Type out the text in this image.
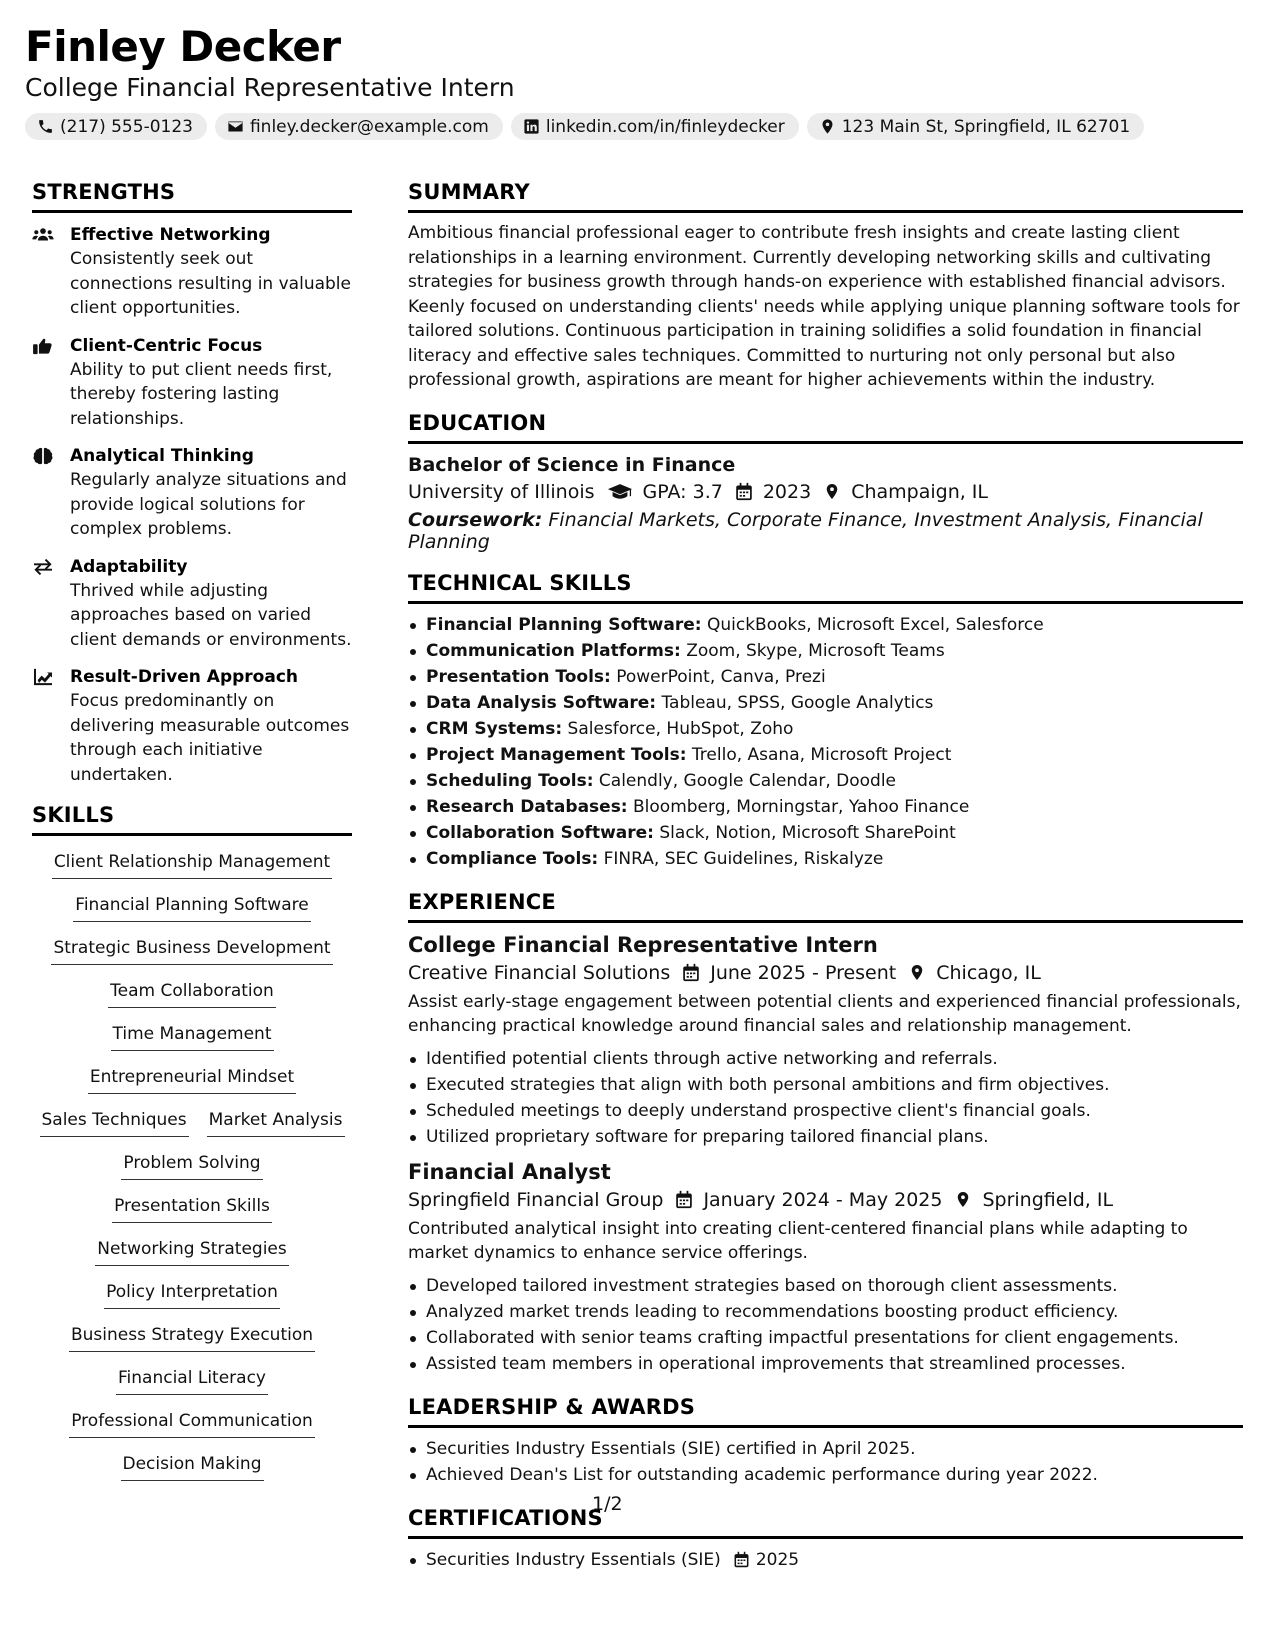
Finley Decker
College Financial Representative Intern
(217) 555-0123	finley.decker@example.com	linkedin.com/in/finleydecker	123 Main St, Springfield, IL 62701
STRENGTHS
Effective Networking
Consistently seek out connections resulting in valuable client opportunities.
Client-Centric Focus
Ability to put client needs first, thereby fostering lasting relationships.
Analytical Thinking
Regularly analyze situations and provide logical solutions for complex problems.
Adaptability
Thrived while adjusting approaches based on varied client demands or environments.
Result-Driven Approach
Focus predominantly on delivering measurable outcomes through each initiative undertaken.
SKILLS
Client Relationship Management
Financial Planning Software
Strategic Business Development
Team Collaboration
Time Management
Entrepreneurial Mindset
Sales Techniques Market Analysis
Problem Solving
Presentation Skills
Networking Strategies
Policy Interpretation
Business Strategy Execution
Financial Literacy
Professional Communication
Decision Making
SUMMARY
Ambitious financial professional eager to contribute fresh insights and create lasting client relationships in a learning environment. Currently developing networking skills and cultivating strategies for business growth through hands-on experience with established financial advisors. Keenly focused on understanding clients' needs while applying unique planning software tools for tailored solutions. Continuous participation in training solidifies a solid foundation in financial literacy and effective sales techniques. Committed to nurturing not only personal but also professional growth, aspirations are meant for higher achievements within the industry.
EDUCATION
Bachelor of Science in Finance
University of Illinois	GPA: 3.7 2023 Champaign, IL
Coursework: Financial Markets, Corporate Finance, Investment Analysis, Financial Planning
TECHNICAL SKILLS
Financial Planning Software: QuickBooks, Microsoft Excel, Salesforce
Communication Platforms: Zoom, Skype, Microsoft Teams
Presentation Tools: PowerPoint, Canva, Prezi
Data Analysis Software: Tableau, SPSS, Google Analytics
CRM Systems: Salesforce, HubSpot, Zoho
Project Management Tools: Trello, Asana, Microsoft Project
Scheduling Tools: Calendly, Google Calendar, Doodle
Research Databases: Bloomberg, Morningstar, Yahoo Finance
Collaboration Software: Slack, Notion, Microsoft SharePoint
Compliance Tools: FINRA, SEC Guidelines, Riskalyze
EXPERIENCE
College Financial Representative Intern
Creative Financial Solutions June 2025 - Present Chicago, IL
Assist early-stage engagement between potential clients and experienced financial professionals, enhancing practical knowledge around financial sales and relationship management.
Identified potential clients through active networking and referrals.
Executed strategies that align with both personal ambitions and firm objectives.
Scheduled meetings to deeply understand prospective client's financial goals.
Utilized proprietary software for preparing tailored financial plans.
Financial Analyst
Springfield Financial Group January 2024 - May 2025 Springfield, IL
Contributed analytical insight into creating client-centered financial plans while adapting to market dynamics to enhance service offerings.
Developed tailored investment strategies based on thorough client assessments.
Analyzed market trends leading to recommendations boosting product efficiency.
Collaborated with senior teams crafting impactful presentations for client engagements.
Assisted team members in operational improvements that streamlined processes.
LEADERSHIP & AWARDS
Securities Industry Essentials (SIE) certified in April 2025.
Achieved Dean's List for outstanding academic performance during year 2022.
CERTIFICATIONS
Securities Industry Essentials (SIE) 2025
1/2
